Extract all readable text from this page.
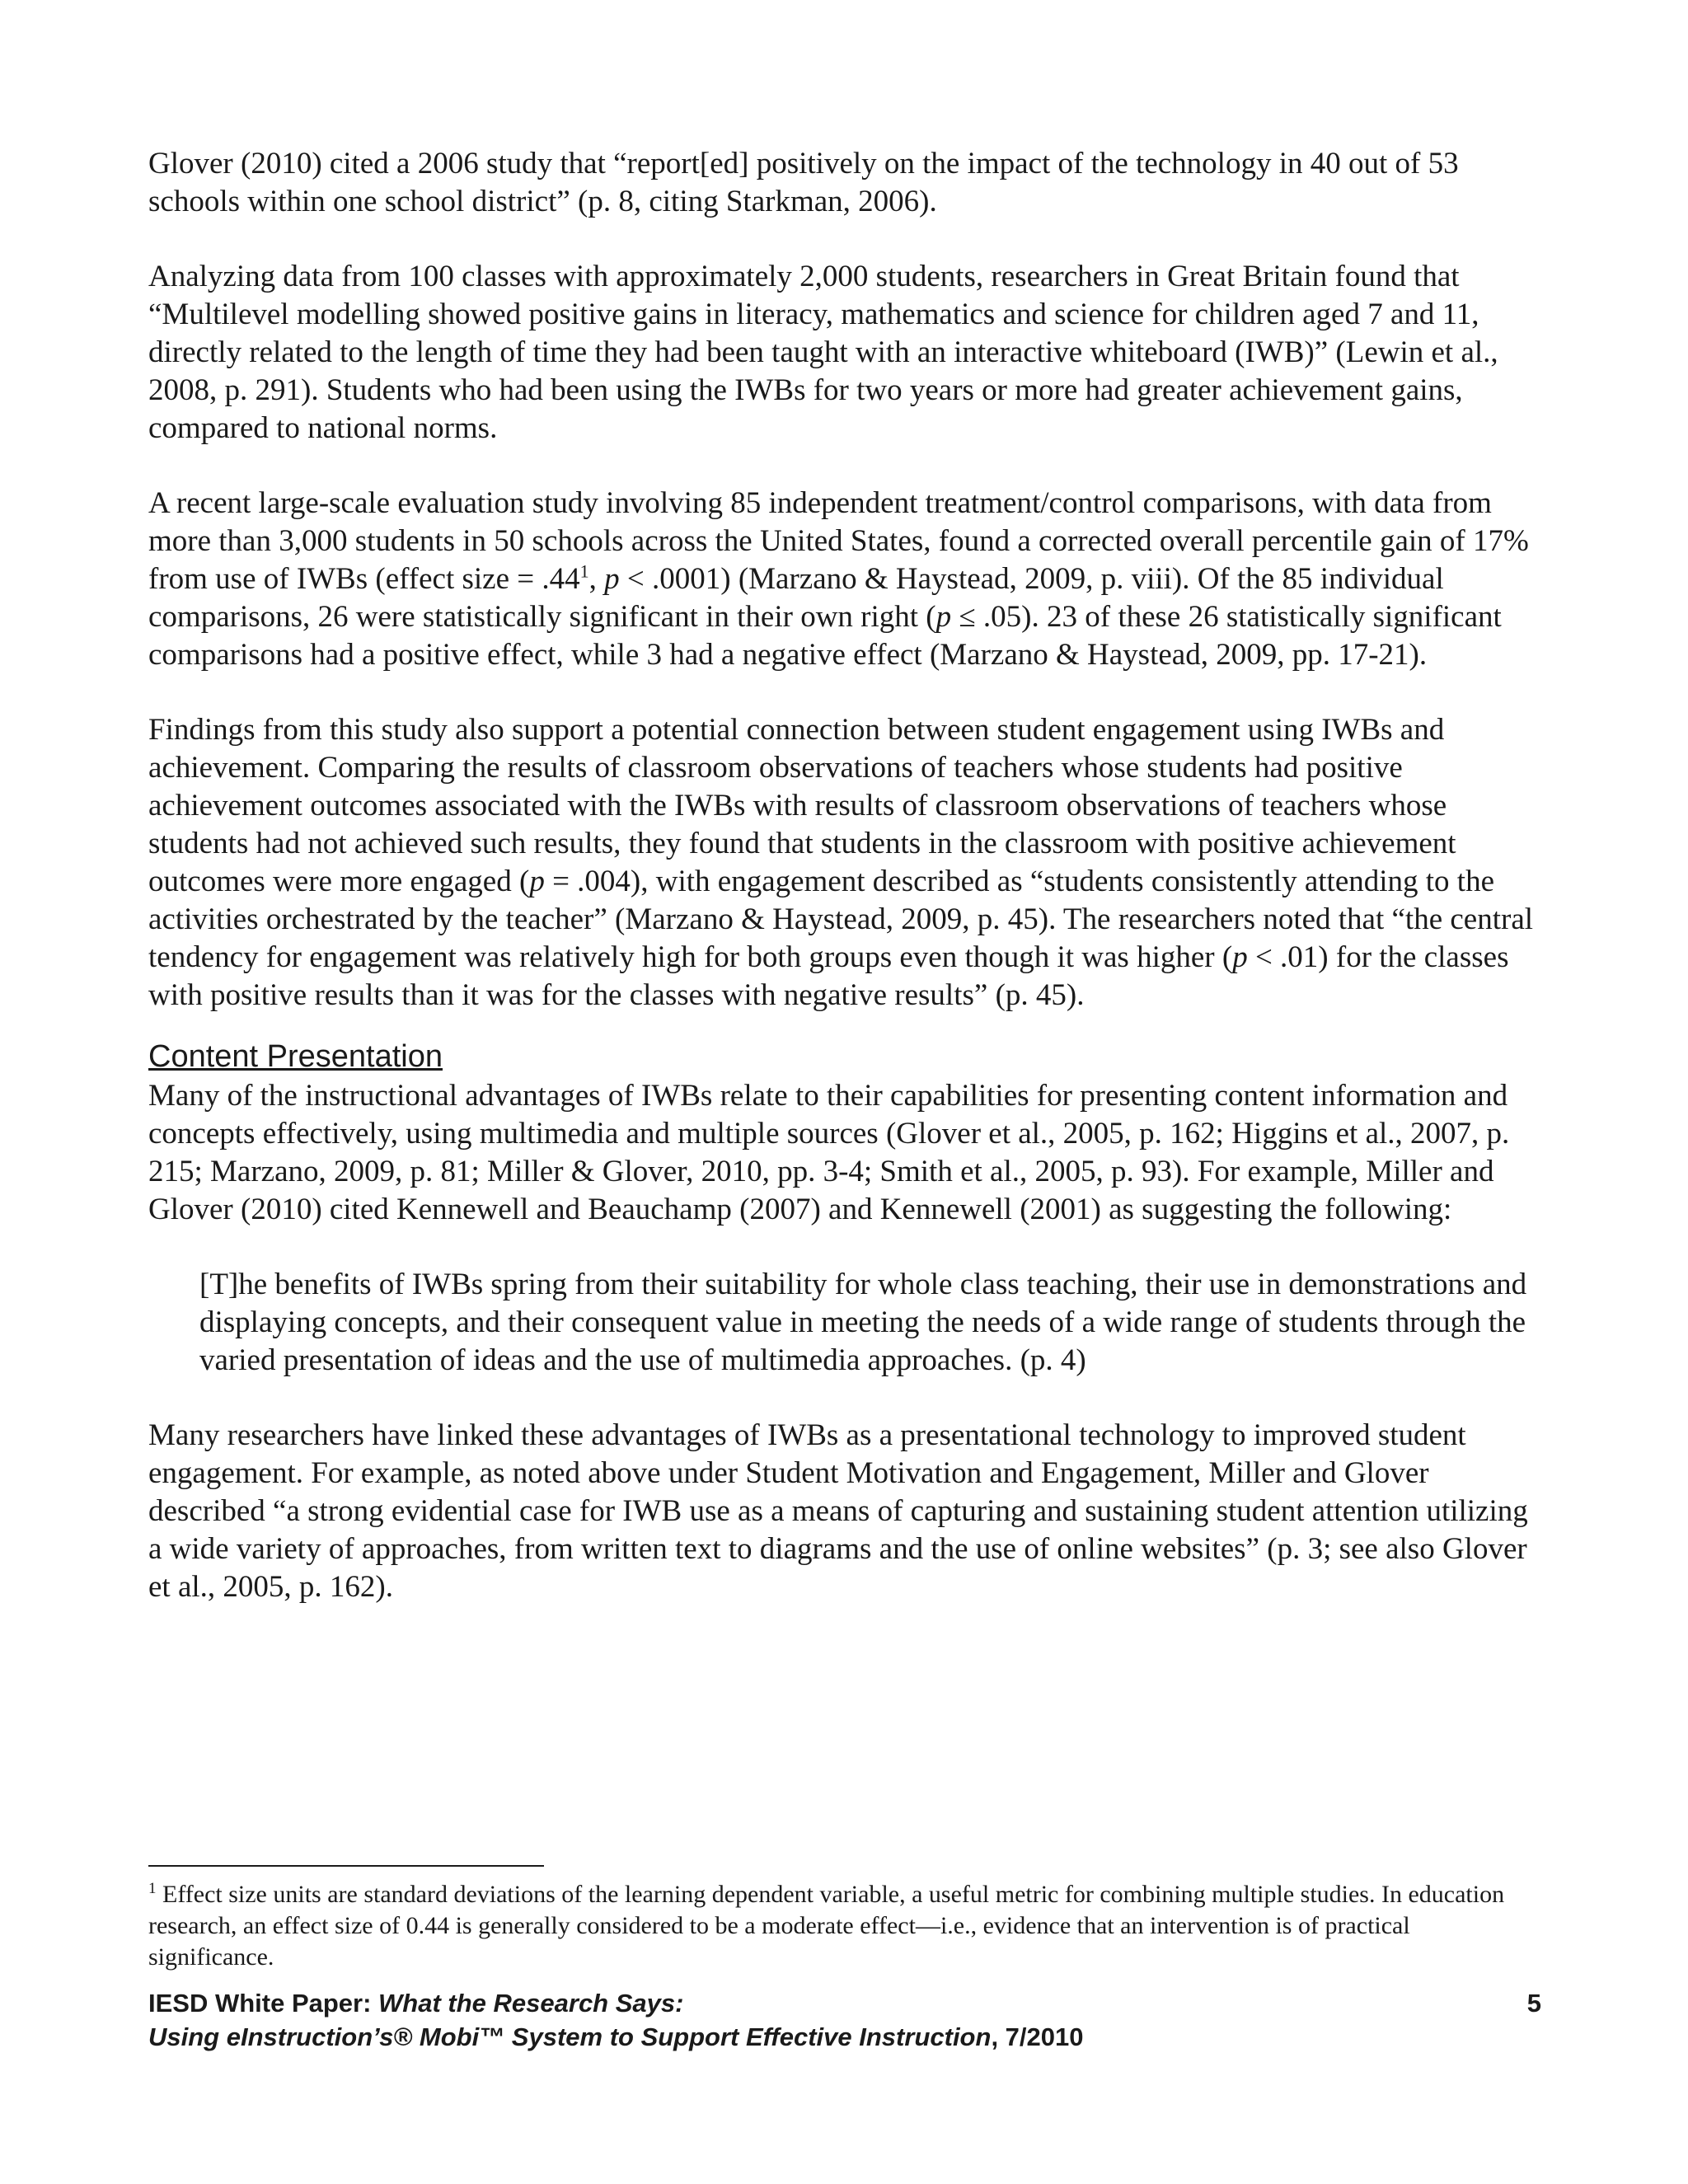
Glover (2010) cited a 2006 study that “report[ed] positively on the impact of the technology in 40 out of 53 schools within one school district” (p. 8, citing Starkman, 2006).

Analyzing data from 100 classes with approximately 2,000 students, researchers in Great Britain found that “Multilevel modelling showed positive gains in literacy, mathematics and science for children aged 7 and 11, directly related to the length of time they had been taught with an interactive whiteboard (IWB)” (Lewin et al., 2008, p. 291). Students who had been using the IWBs for two years or more had greater achievement gains, compared to national norms.

A recent large-scale evaluation study involving 85 independent treatment/control comparisons, with data from more than 3,000 students in 50 schools across the United States, found a corrected overall percentile gain of 17% from use of IWBs (effect size = $.44^1$, p < .0001) (Marzano & Haystead, 2009, p. viii). Of the 85 individual comparisons, 26 were statistically significant in their own right (p ≤ .05). 23 of these 26 statistically significant comparisons had a positive effect, while 3 had a negative effect (Marzano & Haystead, 2009, pp. 17-21).

Findings from this study also support a potential connection between student engagement using IWBs and achievement. Comparing the results of classroom observations of teachers whose students had positive achievement outcomes associated with the IWBs with results of classroom observations of teachers whose students had not achieved such results, they found that students in the classroom with positive achievement outcomes were more engaged (p = .004), with engagement described as “students consistently attending to the activities orchestrated by the teacher” (Marzano & Haystead, 2009, p. 45). The researchers noted that “the central tendency for engagement was relatively high for both groups even though it was higher (p < .01) for the classes with positive results than it was for the classes with negative results” (p. 45).

Content Presentation

Many of the instructional advantages of IWBs relate to their capabilities for presenting content information and concepts effectively, using multimedia and multiple sources (Glover et al., 2005, p. 162; Higgins et al., 2007, p. 215; Marzano, 2009, p. 81; Miller & Glover, 2010, pp. 3-4; Smith et al., 2005, p. 93). For example, Miller and Glover (2010) cited Kennewell and Beauchamp (2007) and Kennewell (2001) as suggesting the following:

[T]he benefits of IWBs spring from their suitability for whole class teaching, their use in demonstrations and displaying concepts, and their consequent value in meeting the needs of a wide range of students through the varied presentation of ideas and the use of multimedia approaches. (p. 4)

Many researchers have linked these advantages of IWBs as a presentational technology to improved student engagement. For example, as noted above under Student Motivation and Engagement, Miller and Glover described “a strong evidential case for IWB use as a means of capturing and sustaining student attention utilizing a wide variety of approaches, from written text to diagrams and the use of online websites” (p. 3; see also Glover et al., 2005, p. 162).

$^1$ Effect size units are standard deviations of the learning dependent variable, a useful metric for combining multiple studies. In education research, an effect size of 0.44 is generally considered to be a moderate effect—i.e., evidence that an intervention is of practical significance.
IESD White Paper: What the Research Says:
Using eInstruction’s® Mobi™ System to Support Effective Instruction, 7/2010
5
